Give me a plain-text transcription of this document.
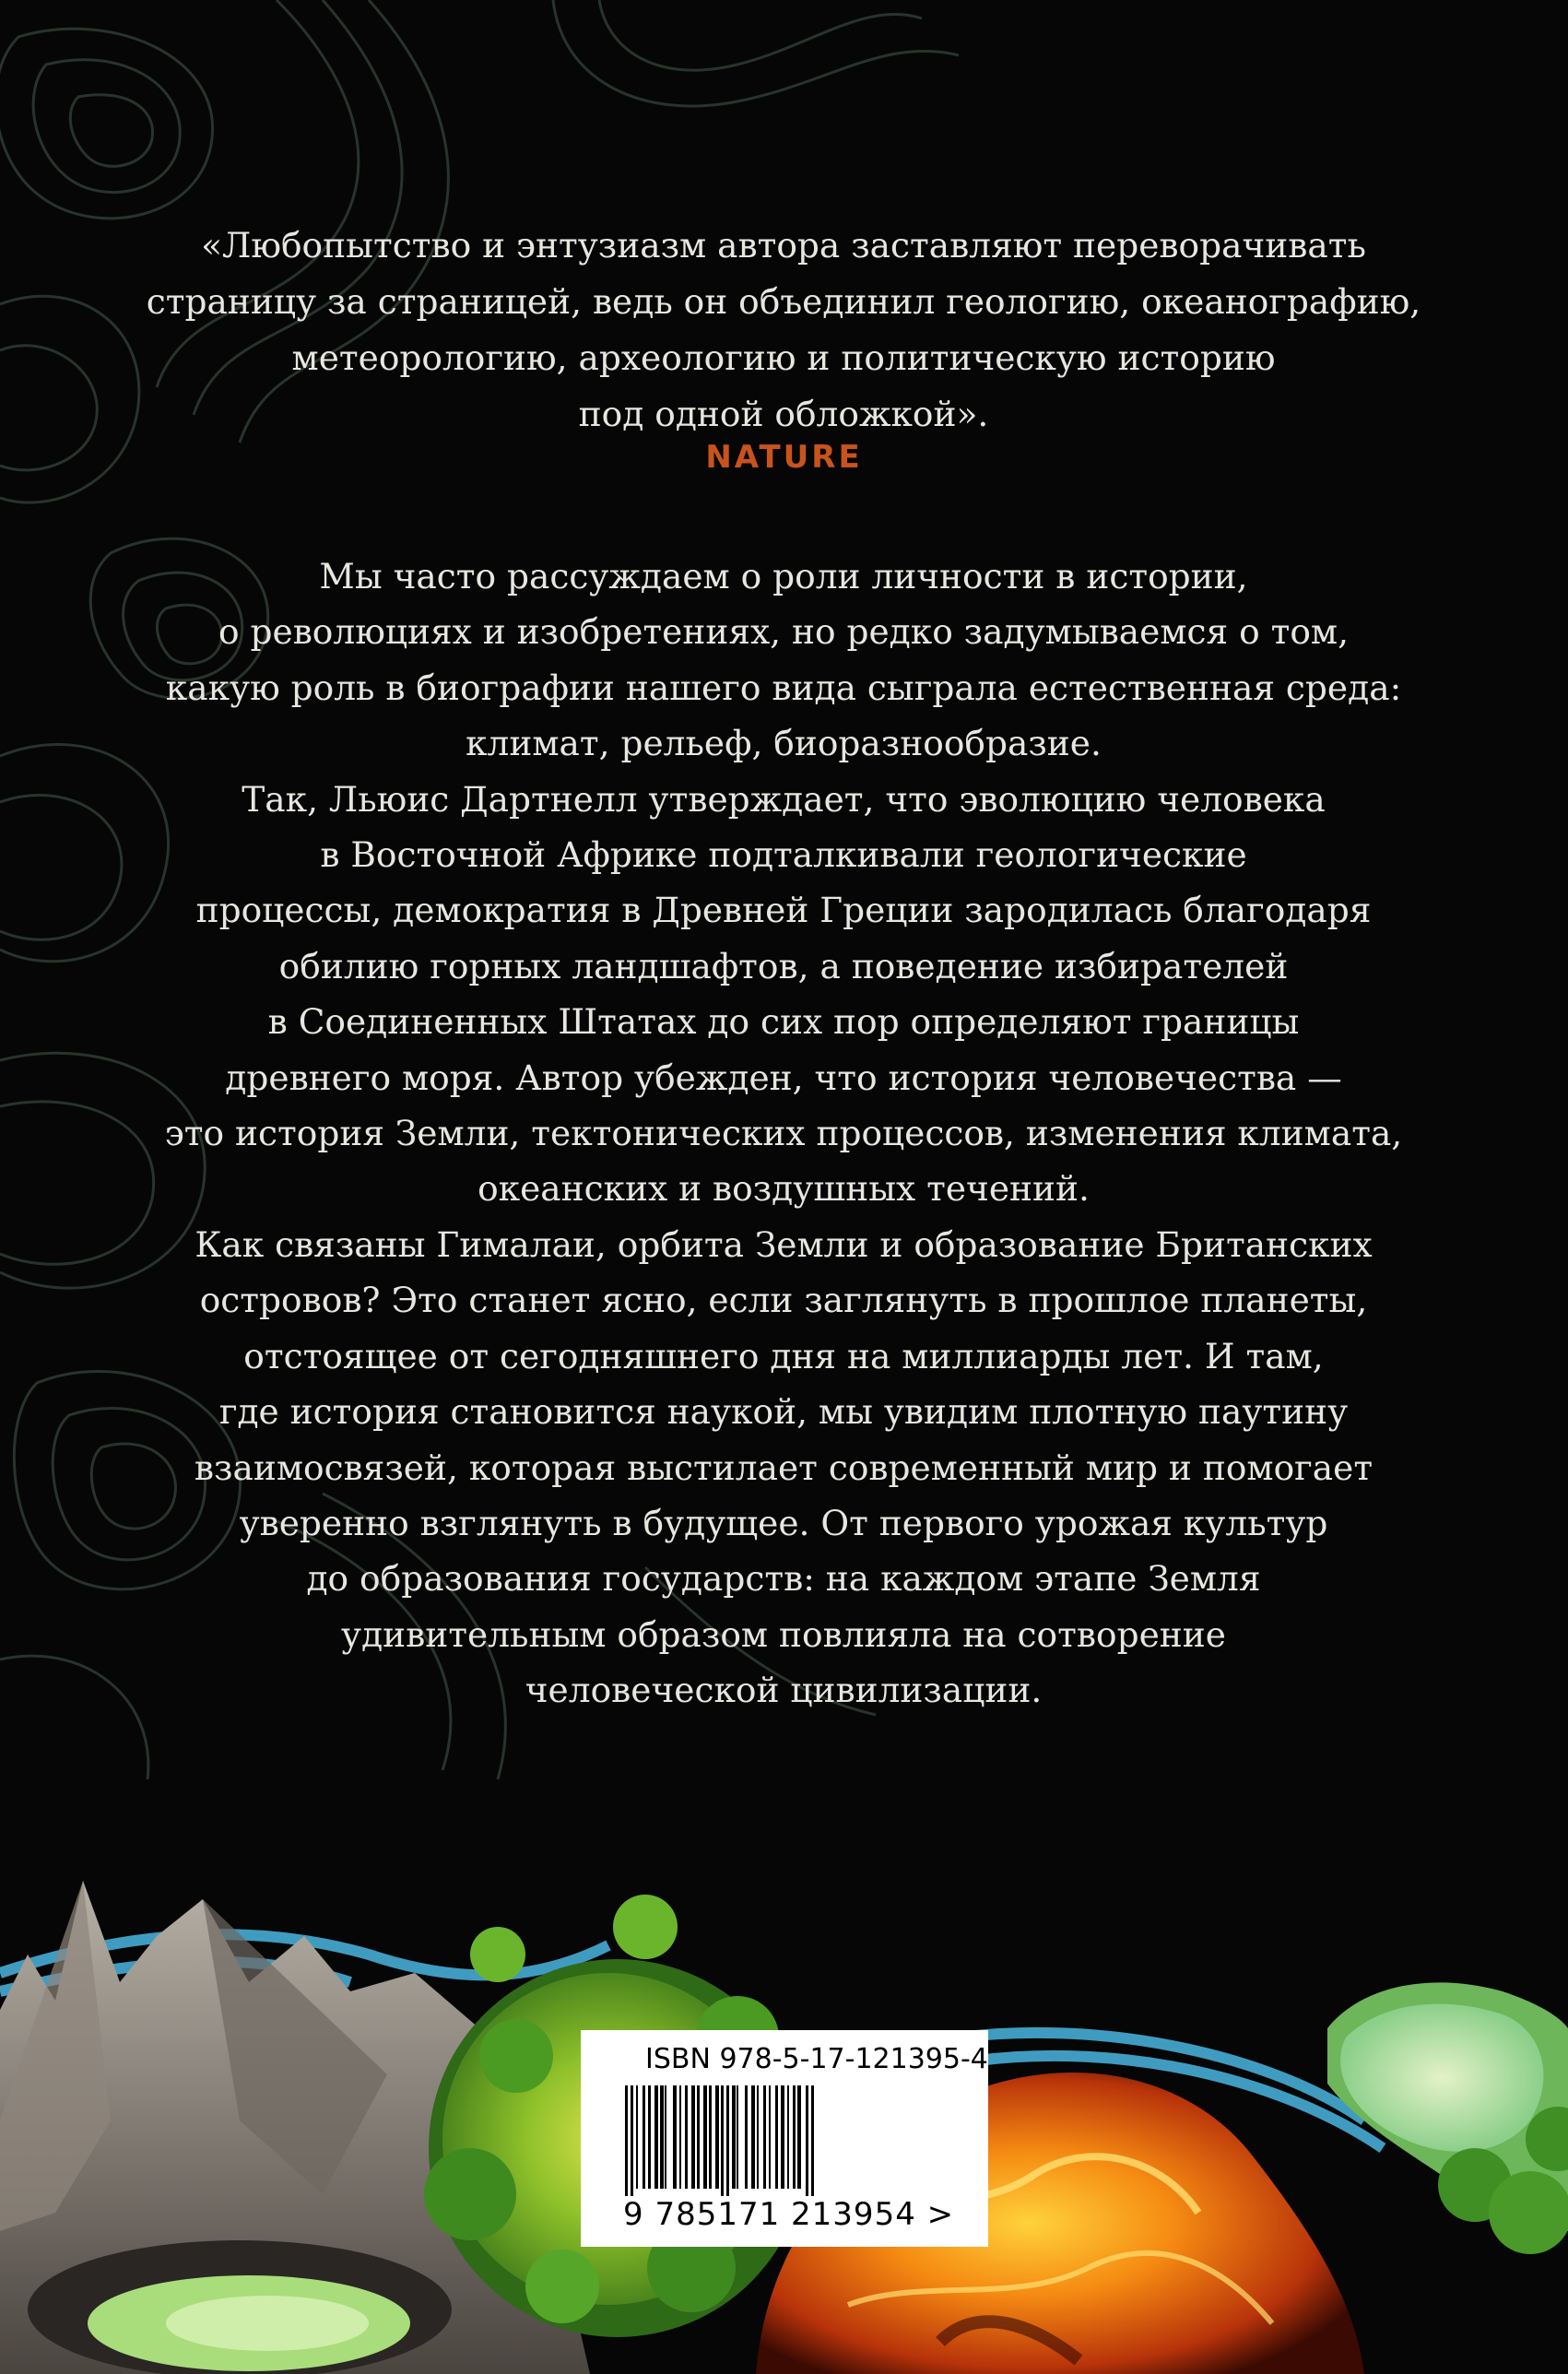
«Любопытство и энтузиазм автора заставляют переворачивать
страницу за страницей, ведь он объединил геологию, океанографию,
метеорологию, археологию и политическую историю
под одной обложкой».
NATURE
Мы часто рассуждаем о роли личности в истории,
о революциях и изобретениях, но редко задумываемся о том,
какую роль в биографии нашего вида сыграла естественная среда:
климат, рельеф, биоразнообразие.
Так, Льюис Дартнелл утверждает, что эволюцию человека
в Восточной Африке подталкивали геологические
процессы, демократия в Древней Греции зародилась благодаря
обилию горных ландшафтов, а поведение избирателей
в Соединенных Штатах до сих пор определяют границы
древнего моря. Автор убежден, что история человечества —
это история Земли, тектонических процессов, изменения климата,
океанских и воздушных течений.
Как связаны Гималаи, орбита Земли и образование Британских
островов? Это станет ясно, если заглянуть в прошлое планеты,
отстоящее от сегодняшнего дня на миллиарды лет. И там,
где история становится наукой, мы увидим плотную паутину
взаимосвязей, которая выстилает современный мир и помогает
уверенно взглянуть в будущее. От первого урожая культур
до образования государств: на каждом этапе Земля
удивительным образом повлияла на сотворение
человеческой цивилизации.
ISBN 978-5-17-121395-4
9 785171 213954 >
